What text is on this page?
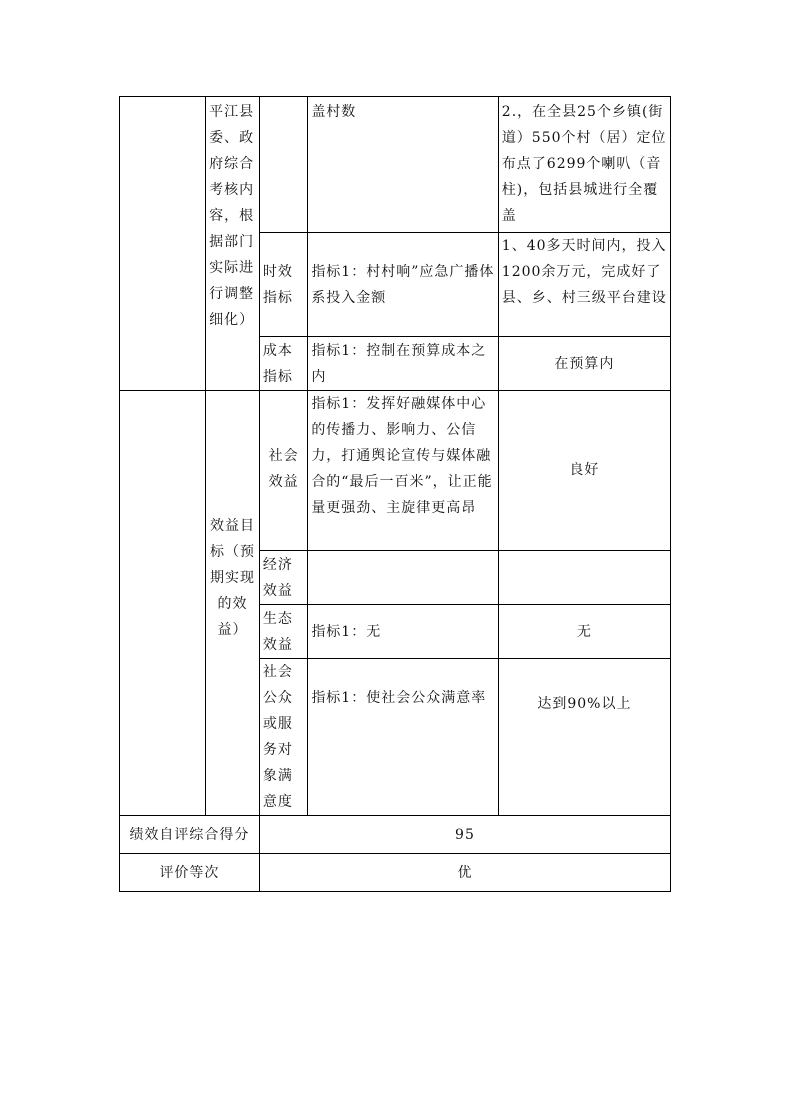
	平江县委、政府综合考核内容，根据部门实际进行调整细化）		盖村数	2.，在全县25个乡镇(街道）550个村（居）定位布点了6299个喇叭（音柱)，包括县城进行全覆盖
		时效指标	指标1：村村响”应急广播体系投入金额	1、40多天时间内，投入1200余万元，完成好了县、乡、村三级平台建设
		成本指标	指标1：控制在预算成本之内	在预算内
	效益目标（预期实现的效益）	社会效益	指标1：发挥好融媒体中心的传播力、影响力、公信力，打通舆论宣传与媒体融合的“最后一百米”，让正能量更强劲、主旋律更高昂	良好
		经济效益		
		生态效益	指标1：无	无
		社会公众或服务对象满意度	指标1：使社会公众满意率	达到90%以上
绩效自评综合得分		95		
评价等次		优		
